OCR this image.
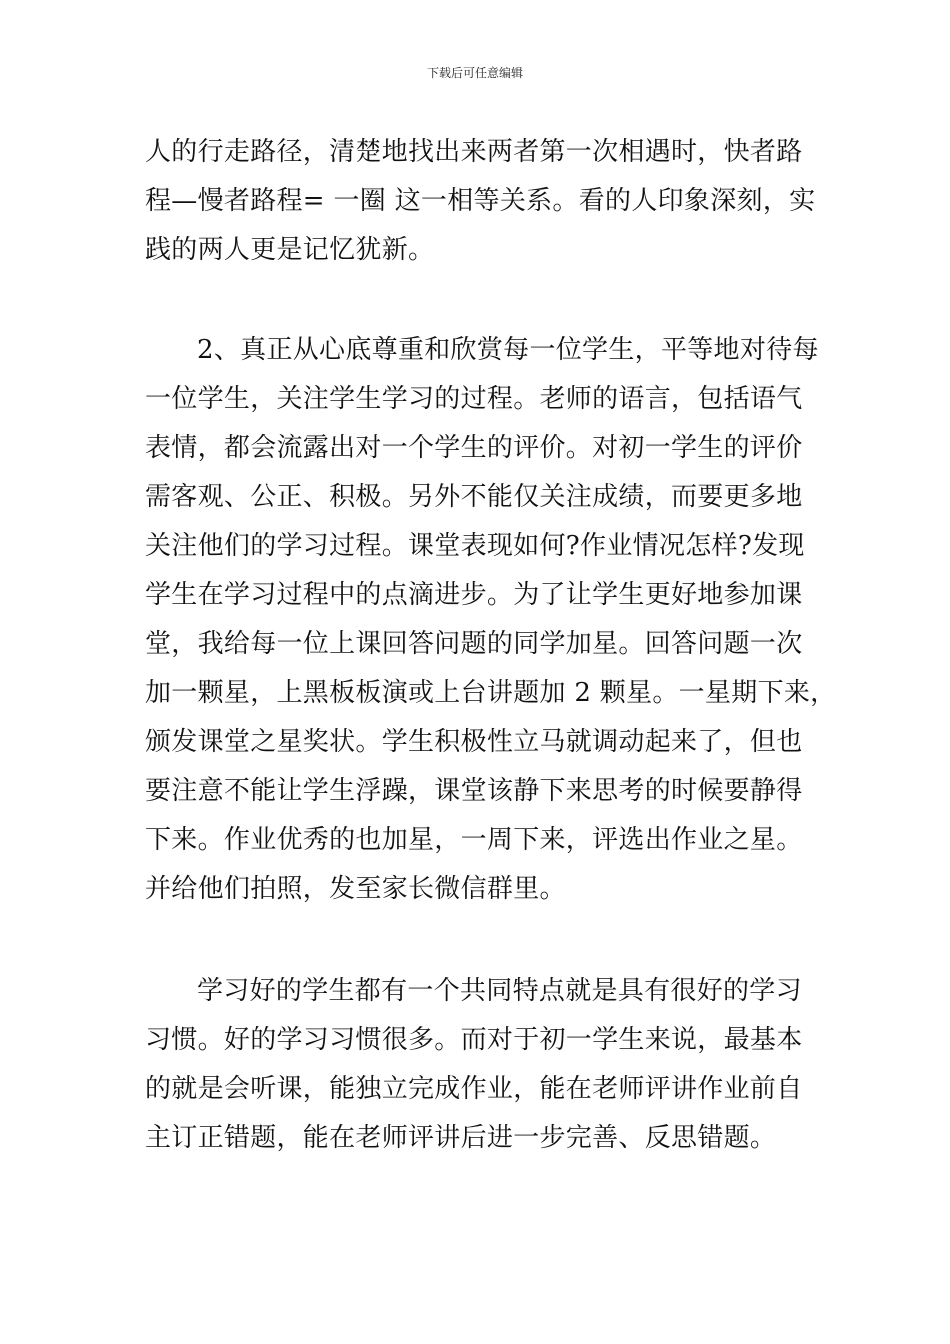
下载后可任意编辑
人的行走路径，清楚地找出来两者第一次相遇时，快者路
程—慢者路程= 一圈 这一相等关系。看的人印象深刻，实
践的两人更是记忆犹新。
2、真正从心底尊重和欣赏每一位学生，平等地对待每
一位学生，关注学生学习的过程。老师的语言，包括语气
表情，都会流露出对一个学生的评价。对初一学生的评价
需客观、公正、积极。另外不能仅关注成绩，而要更多地
关注他们的学习过程。课堂表现如何?作业情况怎样?发现
学生在学习过程中的点滴进步。为了让学生更好地参加课
堂，我给每一位上课回答问题的同学加星。回答问题一次
加一颗星，上黑板板演或上台讲题加 2 颗星。一星期下来，
颁发课堂之星奖状。学生积极性立马就调动起来了，但也
要注意不能让学生浮躁，课堂该静下来思考的时候要静得
下来。作业优秀的也加星，一周下来，评选出作业之星。
并给他们拍照，发至家长微信群里。
学习好的学生都有一个共同特点就是具有很好的学习
习惯。好的学习习惯很多。而对于初一学生来说，最基本
的就是会听课，能独立完成作业，能在老师评讲作业前自
主订正错题，能在老师评讲后进一步完善、反思错题。
